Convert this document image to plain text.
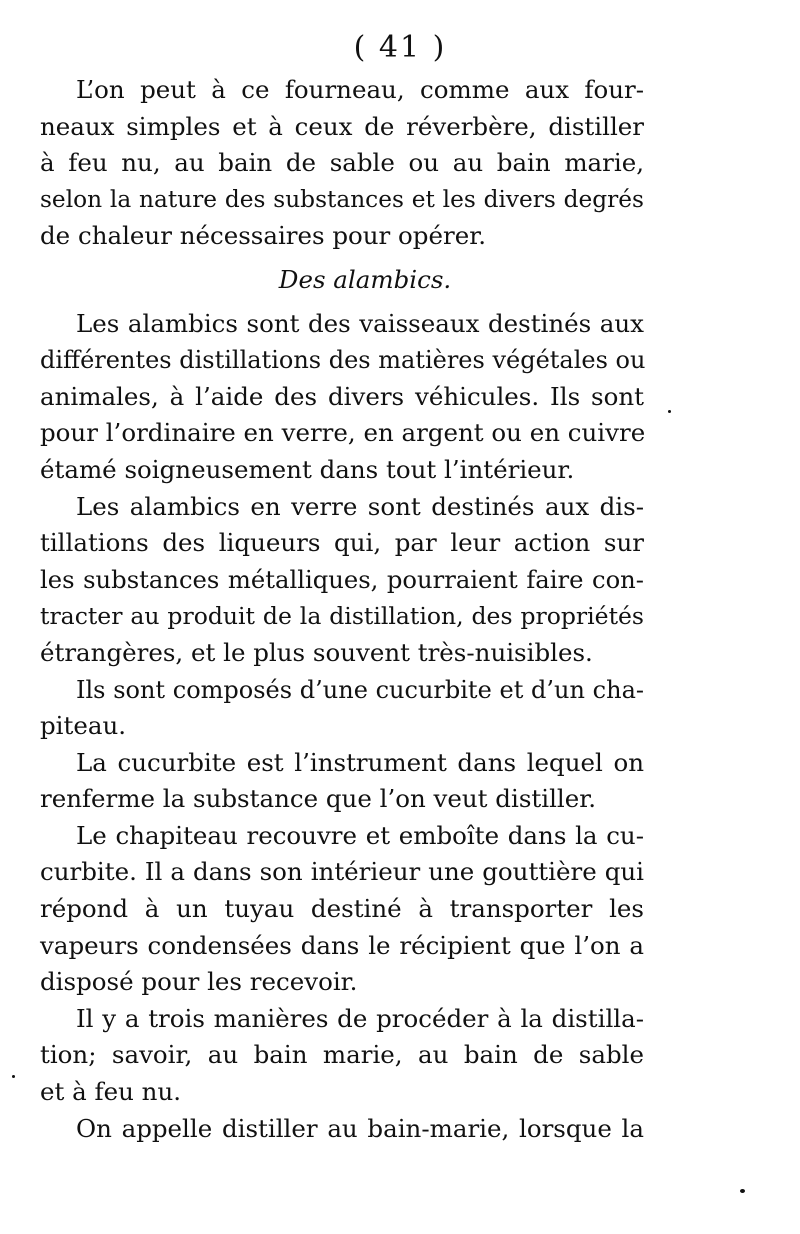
( 41 )
L’on peut à ce fourneau, comme aux four-
neaux simples et à ceux de réverbère, distiller
à feu nu, au bain de sable ou au bain marie,
selon la nature des substances et les divers degrés
de chaleur nécessaires pour opérer.
Des alambics.
Les alambics sont des vaisseaux destinés aux
différentes distillations des matières végétales ou
animales, à l’aide des divers véhicules. Ils sont
pour l’ordinaire en verre, en argent ou en cuivre
étamé soigneusement dans tout l’intérieur.
Les alambics en verre sont destinés aux dis-
tillations des liqueurs qui, par leur action sur
les substances métalliques, pourraient faire con-
tracter au produit de la distillation, des propriétés
étrangères, et le plus souvent très-nuisibles.
Ils sont composés d’une cucurbite et d’un cha-
piteau.
La cucurbite est l’instrument dans lequel on
renferme la substance que l’on veut distiller.
Le chapiteau recouvre et emboîte dans la cu-
curbite. Il a dans son intérieur une gouttière qui
répond à un tuyau destiné à transporter les
vapeurs condensées dans le récipient que l’on a
disposé pour les recevoir.
Il y a trois manières de procéder à la distilla-
tion; savoir, au bain marie, au bain de sable
et à feu nu.
On appelle distiller au bain-marie, lorsque la
